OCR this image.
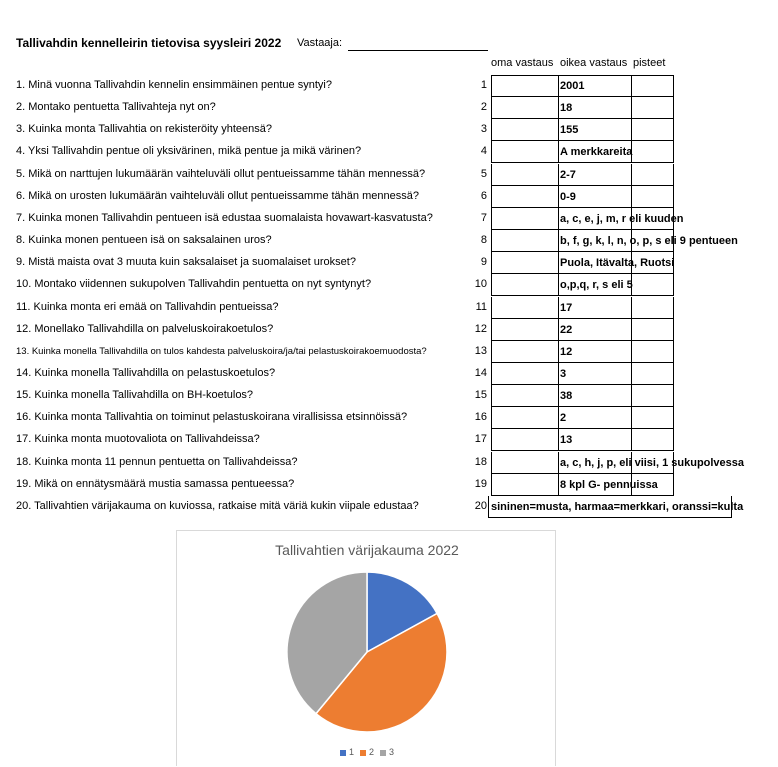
Tallivahdin kennelleirin tietovisa syysleiri 2022 Vastaaja:
oma vastaus oikea vastaus pisteet
1. Minä vuonna Tallivahdin kennelin ensimmäinen pentue syntyi?	1	2001
2. Montako pentuetta Tallivahteja nyt on?	2	18
3. Kuinka monta Tallivahtia on rekisteröity yhteensä?	3	155
4. Yksi Tallivahdin pentue oli yksivärinen, mikä pentue ja mikä värinen?	4	A merkkareita
5. Mikä on narttujen lukumäärän vaihteluväli ollut pentueissamme tähän mennessä?	5	2-7
6. Mikä on urosten lukumäärän vaihteluväli ollut pentueissamme tähän mennessä?	6	0-9
7. Kuinka monen Tallivahdin pentueen isä edustaa suomalaista hovawart-kasvatusta?	7	a, c, e, j, m, r eli kuuden
8. Kuinka monen pentueen isä on saksalainen uros?	8	b, f, g, k, l, n, o, p, s eli 9 pentueen
9. Mistä maista ovat 3 muuta kuin saksalaiset ja suomalaiset urokset?	9	Puola, Itävalta, Ruotsi
10. Montako viidennen sukupolven Tallivahdin pentuetta on nyt syntynyt?	10	o,p,q, r, s eli 5
11. Kuinka monta eri emää on Tallivahdin pentueissa?	11	17
12. Monellako Tallivahdilla on palveluskoirakoetulos?	12	22
13. Kuinka monella Tallivahdilla on tulos kahdesta palveluskoira/ja/tai pelastuskoirakoemuodosta?	13	12
14. Kuinka monella Tallivahdilla on pelastuskoetulos?	14	3
15. Kuinka monella Tallivahdilla on BH-koetulos?	15	38
16. Kuinka monta Tallivahtia on toiminut pelastuskoirana virallisissa etsinnöissä?	16	2
17. Kuinka monta muotovaliota on Tallivahdeissa?	17	13
18. Kuinka monta 11 pennun pentuetta on Tallivahdeissa?	18	a, c, h, j, p, eli viisi, 1 sukupolvessa
19. Mikä on ennätysmäärä mustia samassa pentueessa?	19	8 kpl G- pennuissa
20. Tallivahtien värijakauma on kuviossa, ratkaise mitä väriä kukin viipale edustaa?	20 sininen=musta, harmaa=merkkari, oranssi=kulta
Tallivahtien värijakauma 2022
1 2 3
